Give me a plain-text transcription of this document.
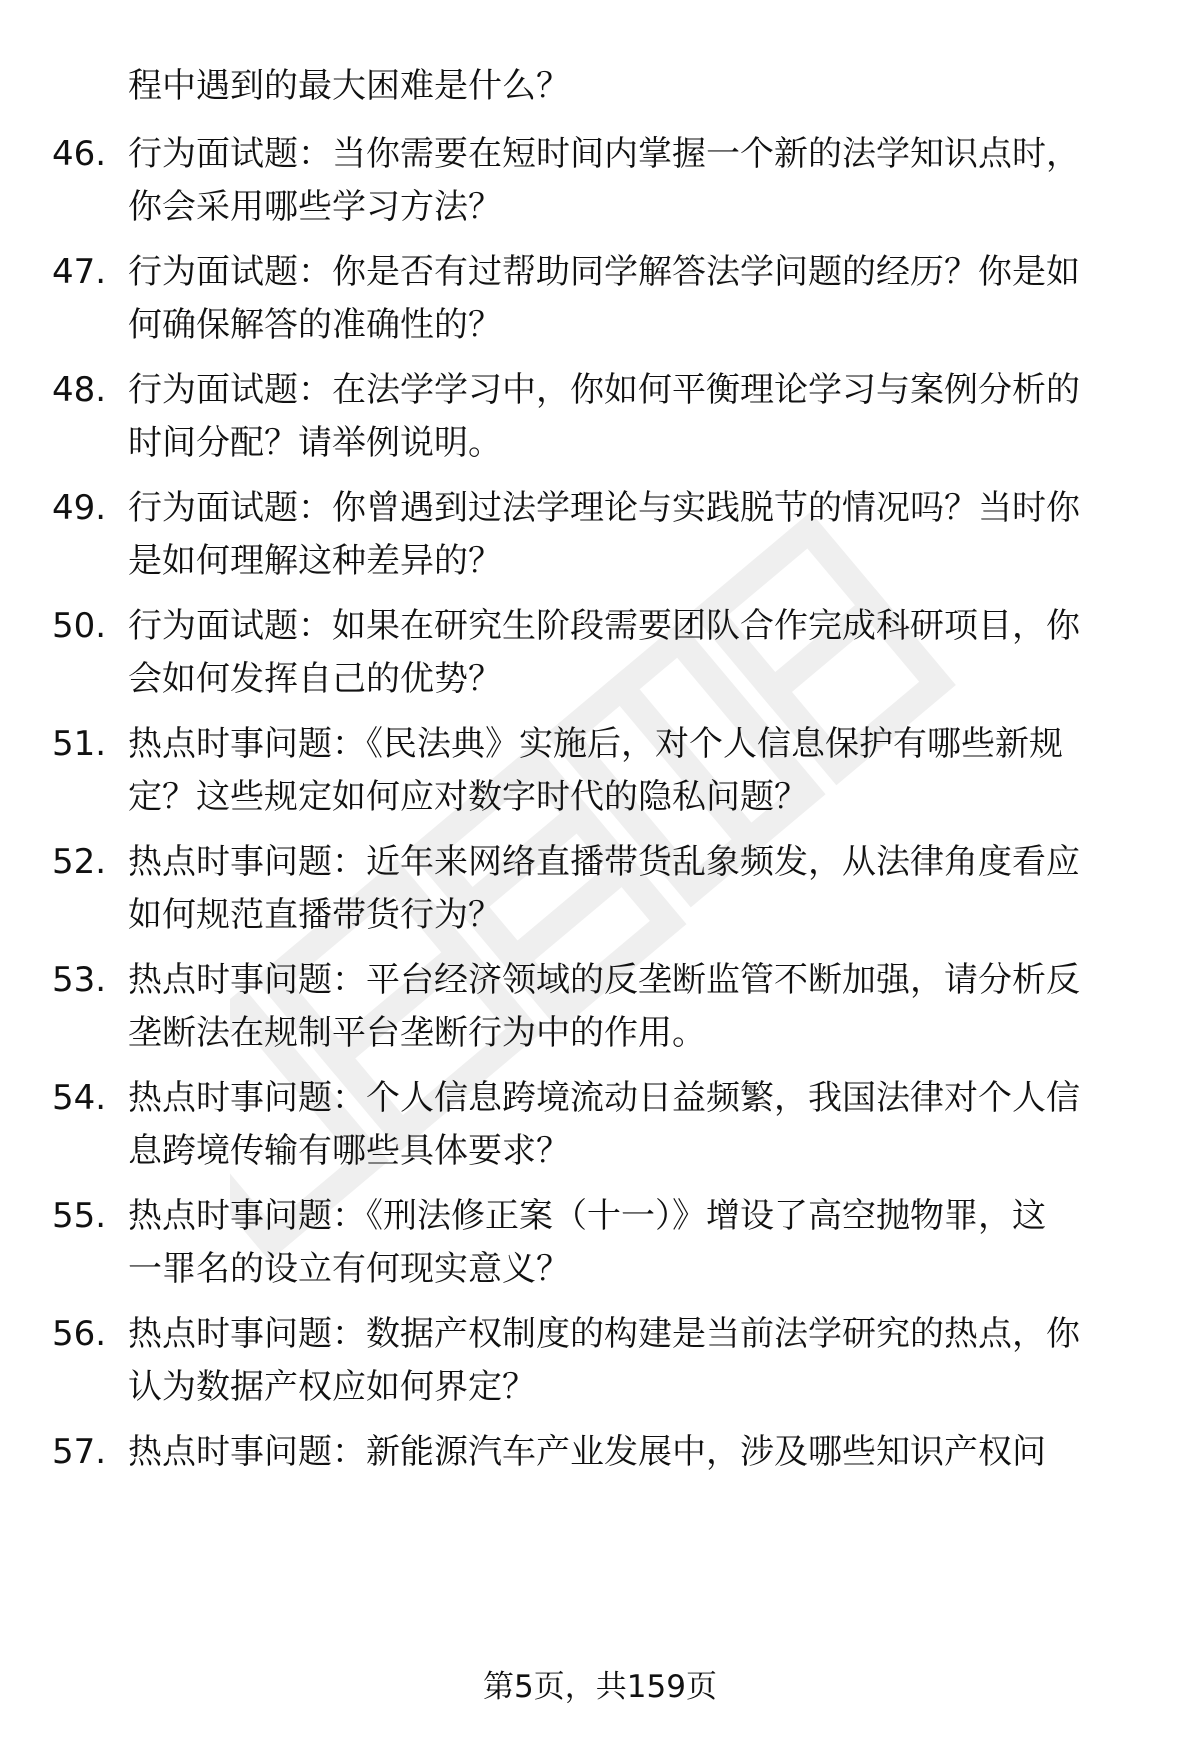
程中遇到的最大困难是什么？
46. 行为面试题：当你需要在短时间内掌握一个新的法学知识点时，
你会采用哪些学习方法？
47. 行为面试题：你是否有过帮助同学解答法学问题的经历？你是如
何确保解答的准确性的？
48. 行为面试题：在法学学习中，你如何平衡理论学习与案例分析的
时间分配？请举例说明。
49. 行为面试题：你曾遇到过法学理论与实践脱节的情况吗？当时你
是如何理解这种差异的？
50. 行为面试题：如果在研究生阶段需要团队合作完成科研项目，你
会如何发挥自己的优势？
51. 热点时事问题：《民法典》实施后，对个人信息保护有哪些新规
定？这些规定如何应对数字时代的隐私问题？
52. 热点时事问题：近年来网络直播带货乱象频发，从法律角度看应
如何规范直播带货行为？
53. 热点时事问题：平台经济领域的反垄断监管不断加强，请分析反
垄断法在规制平台垄断行为中的作用。
54. 热点时事问题：个人信息跨境流动日益频繁，我国法律对个人信
息跨境传输有哪些具体要求？
55. 热点时事问题：《刑法修正案（十一）》增设了高空抛物罪，这
一罪名的设立有何现实意义？
56. 热点时事问题：数据产权制度的构建是当前法学研究的热点，你
认为数据产权应如何界定？
57. 热点时事问题：新能源汽车产业发展中，涉及哪些知识产权问
第5页，共159页
